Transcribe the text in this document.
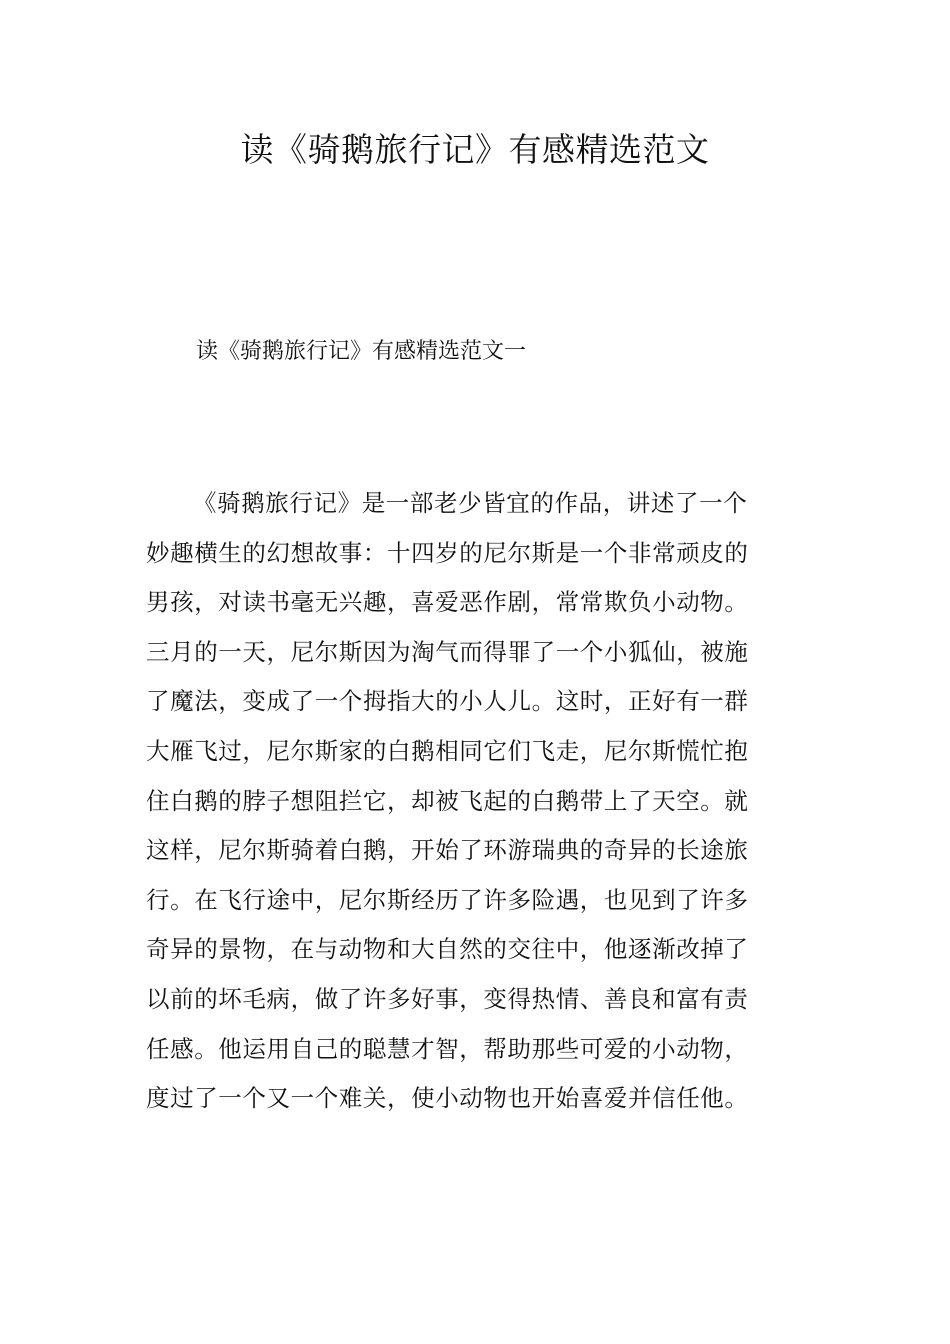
读《骑鹅旅行记》有感精选范文

读《骑鹅旅行记》有感精选范文一

《骑鹅旅行记》是一部老少皆宜的作品，讲述了一个
妙趣横生的幻想故事：十四岁的尼尔斯是一个非常顽皮的
男孩，对读书毫无兴趣，喜爱恶作剧，常常欺负小动物。
三月的一天，尼尔斯因为淘气而得罪了一个小狐仙，被施
了魔法，变成了一个拇指大的小人儿。这时，正好有一群
大雁飞过，尼尔斯家的白鹅相同它们飞走，尼尔斯慌忙抱
住白鹅的脖子想阻拦它，却被飞起的白鹅带上了天空。就
这样，尼尔斯骑着白鹅，开始了环游瑞典的奇异的长途旅
行。在飞行途中，尼尔斯经历了许多险遇，也见到了许多
奇异的景物，在与动物和大自然的交往中，他逐渐改掉了
以前的坏毛病，做了许多好事，变得热情、善良和富有责
任感。他运用自己的聪慧才智，帮助那些可爱的小动物，
度过了一个又一个难关，使小动物也开始喜爱并信任他。
